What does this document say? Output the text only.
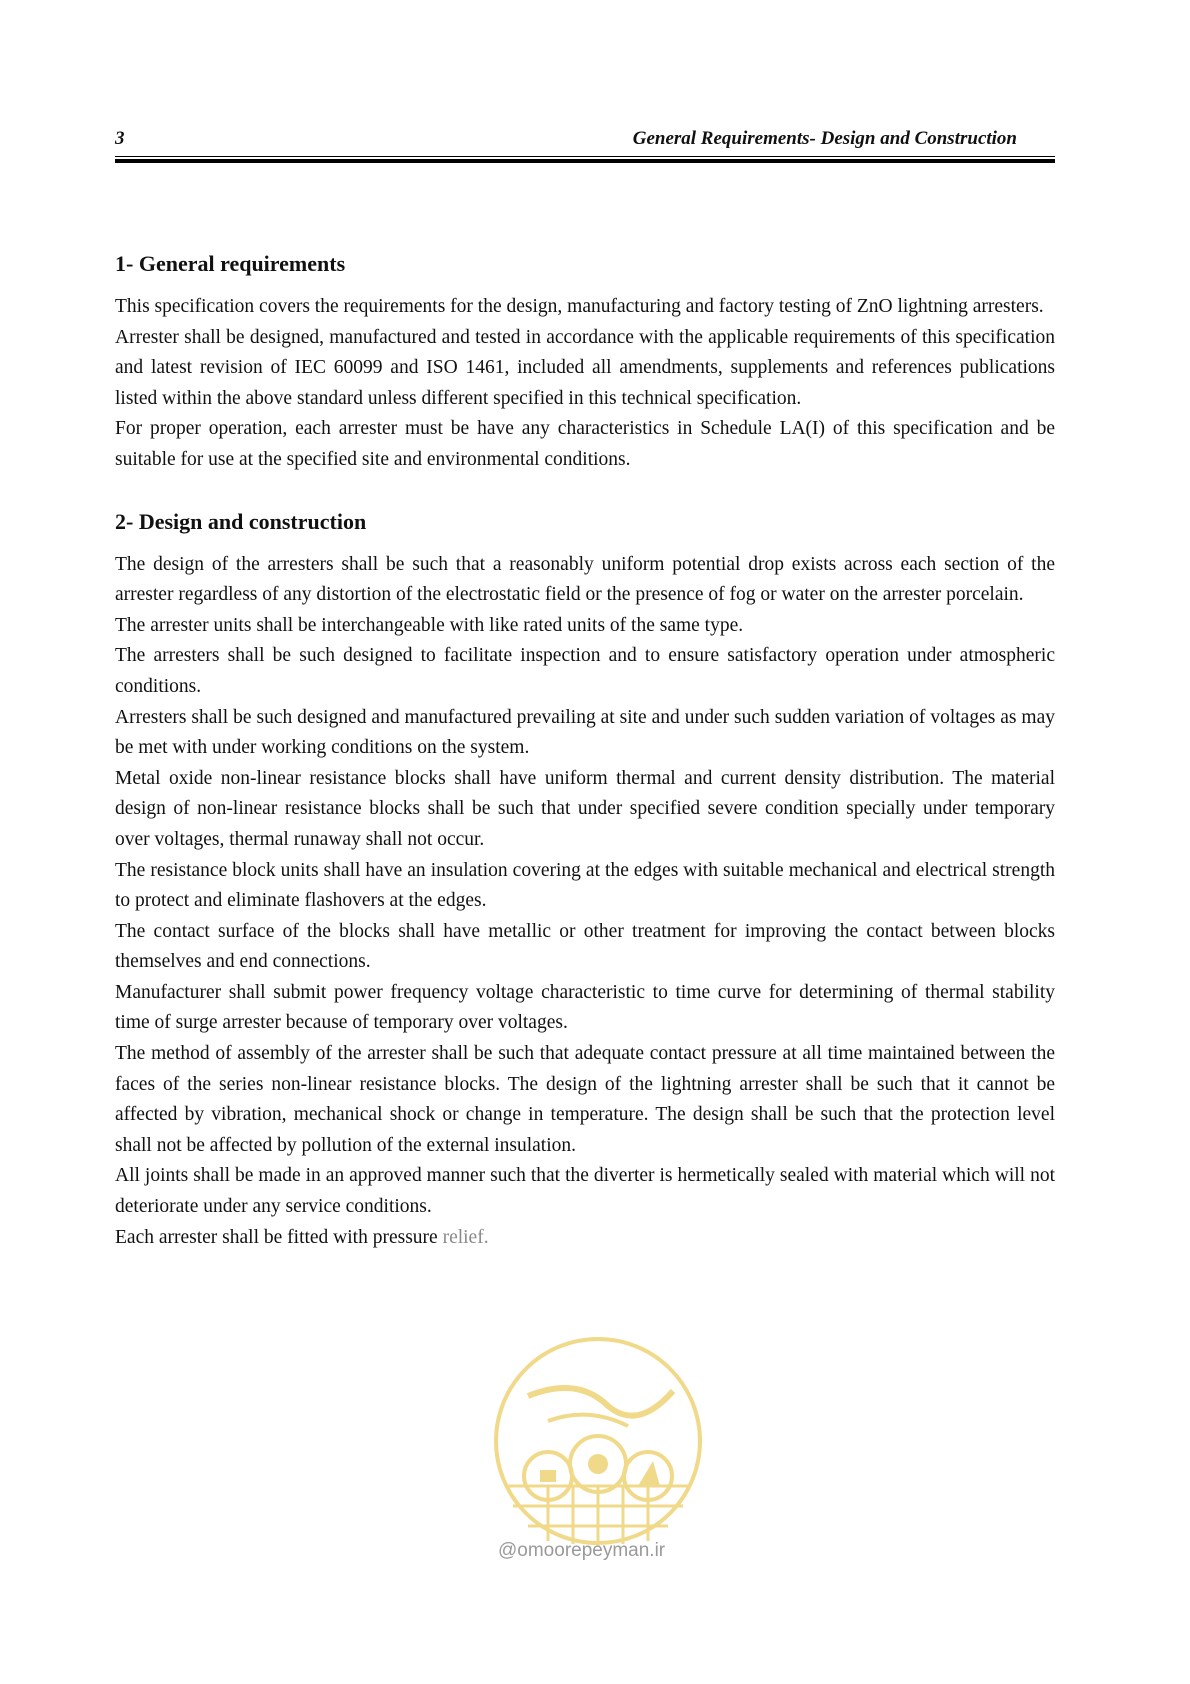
3	General Requirements- Design and Construction
1- General requirements

This specification covers the requirements for the design, manufacturing and factory testing of ZnO lightning arresters.

Arrester shall be designed, manufactured and tested in accordance with the applicable requirements of this specification and latest revision of IEC 60099 and ISO 1461, included all amendments, supplements and references publications listed within the above standard unless different specified in this technical specification.

For proper operation, each arrester must be have any characteristics in Schedule LA(I) of this specification and be suitable for use at the specified site and environmental conditions.

2- Design and construction

The design of the arresters shall be such that a reasonably uniform potential drop exists across each section of the arrester regardless of any distortion of the electrostatic field or the presence of fog or water on the arrester porcelain.

The arrester units shall be interchangeable with like rated units of the same type.

The arresters shall be such designed to facilitate inspection and to ensure satisfactory operation under atmospheric conditions.

Arresters shall be such designed and manufactured prevailing at site and under such sudden variation of voltages as may be met with under working conditions on the system.

Metal oxide non-linear resistance blocks shall have uniform thermal and current density distribution. The material design of non-linear resistance blocks shall be such that under specified severe condition specially under temporary over voltages, thermal runaway shall not occur.

The resistance block units shall have an insulation covering at the edges with suitable mechanical and electrical strength to protect and eliminate flashovers at the edges.

The contact surface of the blocks shall have metallic or other treatment for improving the contact between blocks themselves and end connections.

Manufacturer shall submit power frequency voltage characteristic to time curve for determining of thermal stability time of surge arrester because of temporary over voltages.

The method of assembly of the arrester shall be such that adequate contact pressure at all time maintained between the faces of the series non-linear resistance blocks. The design of the lightning arrester shall be such that it cannot be affected by vibration, mechanical shock or change in temperature. The design shall be such that the protection level shall not be affected by pollution of the external insulation.

All joints shall be made in an approved manner such that the diverter is hermetically sealed with material which will not deteriorate under any service conditions.

Each arrester shall be fitted with pressure relief.

@omoorepeyman.ir
